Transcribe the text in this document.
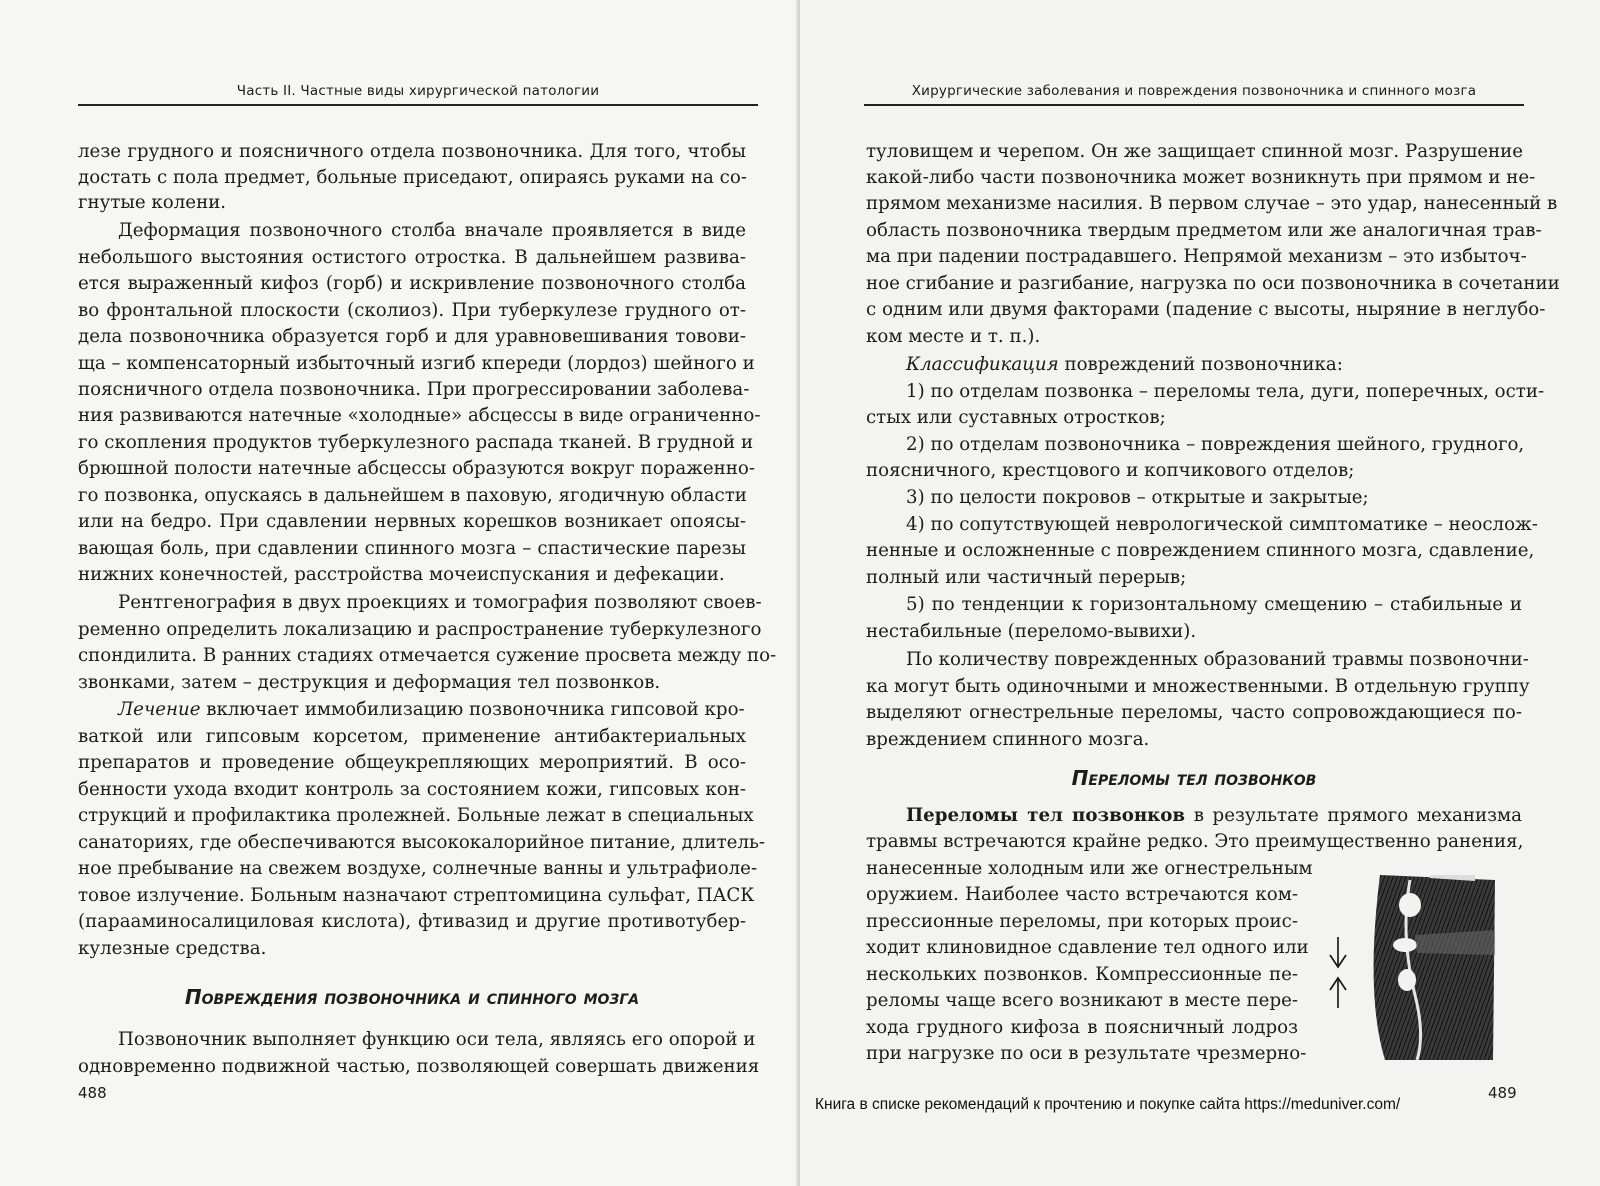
Часть II. Частные виды хирургической патологии
лезе грудного и поясничного отдела позвоночника. Для того, чтобы
достать с пола предмет, больные приседают, опираясь руками на со-
гнутые колени.
Деформация позвоночного столба вначале проявляется в виде
небольшого выстояния остистого отростка. В дальнейшем развива-
ется выраженный кифоз (горб) и искривление позвоночного столба
во фронтальной плоскости (сколиоз). При туберкулезе грудного от-
дела позвоночника образуется горб и для уравновешивания товови-
ща – компенсаторный избыточный изгиб кпереди (лордоз) шейного и
поясничного отдела позвоночника. При прогрессировании заболева-
ния развиваются натечные «холодные» абсцессы в виде ограниченно-
го скопления продуктов туберкулезного распада тканей. В грудной и
брюшной полости натечные абсцессы образуются вокруг пораженно-
го позвонка, опускаясь в дальнейшем в паховую, ягодичную области
или на бедро. При сдавлении нервных корешков возникает опоясы-
вающая боль, при сдавлении спинного мозга – спастические парезы
нижних конечностей, расстройства мочеиспускания и дефекации.
Рентгенография в двух проекциях и томография позволяют своев-
ременно определить локализацию и распространение туберкулезного
спондилита. В ранних стадиях отмечается сужение просвета между по-
звонками, затем – деструкция и деформация тел позвонков.
Лечение включает иммобилизацию позвоночника гипсовой кро-
ваткой или гипсовым корсетом, применение антибактериальных
препаратов и проведение общеукрепляющих мероприятий. В осо-
бенности ухода входит контроль за состоянием кожи, гипсовых кон-
струкций и профилактика пролежней. Больные лежат в специальных
санаториях, где обеспечиваются высококалорийное питание, длитель-
ное пребывание на свежем воздухе, солнечные ванны и ультрафиоле-
товое излучение. Больным назначают стрептомицина сульфат, ПАСК
(парааминосалициловая кислота), фтивазид и другие противотубер-
кулезные средства.
Повреждения позвоночника и спинного мозга
Позвоночник выполняет функцию оси тела, являясь его опорой и
одновременно подвижной частью, позволяющей совершать движения
488
Хирургические заболевания и повреждения позвоночника и спинного мозга
туловищем и черепом. Он же защищает спинной мозг. Разрушение
какой-либо части позвоночника может возникнуть при прямом и не-
прямом механизме насилия. В первом случае – это удар, нанесенный в
область позвоночника твердым предметом или же аналогичная трав-
ма при падении пострадавшего. Непрямой механизм – это избыточ-
ное сгибание и разгибание, нагрузка по оси позвоночника в сочетании
с одним или двумя факторами (падение с высоты, ныряние в неглубо-
ком месте и т. п.).
Классификация повреждений позвоночника:
1) по отделам позвонка – переломы тела, дуги, поперечных, ости-
стых или суставных отростков;
2) по отделам позвоночника – повреждения шейного, грудного,
поясничного, крестцового и копчикового отделов;
3) по целости покровов – открытые и закрытые;
4) по сопутствующей неврологической симптоматике – неослож-
ненные и осложненные с повреждением спинного мозга, сдавление,
полный или частичный перерыв;
5) по тенденции к горизонтальному смещению – стабильные и
нестабильные (переломо-вывихи).
По количеству поврежденных образований травмы позвоночни-
ка могут быть одиночными и множественными. В отдельную группу
выделяют огнестрельные переломы, часто сопровождающиеся по-
вреждением спинного мозга.
Переломы тел позвонков
Переломы тел позвонков в результате прямого механизма
травмы встречаются крайне редко. Это преимущественно ранения,
нанесенные холодным или же огнестрельным
оружием. Наиболее часто встречаются ком-
прессионные переломы, при которых проис-
ходит клиновидное сдавление тел одного или
нескольких позвонков. Компрессионные пе-
реломы чаще всего возникают в месте пере-
хода грудного кифоза в поясничный лодроз
при нагрузке по оси в результате чрезмерно-
489
Книга в списке рекомендаций к прочтению и покупке сайта https://meduniver.com/
